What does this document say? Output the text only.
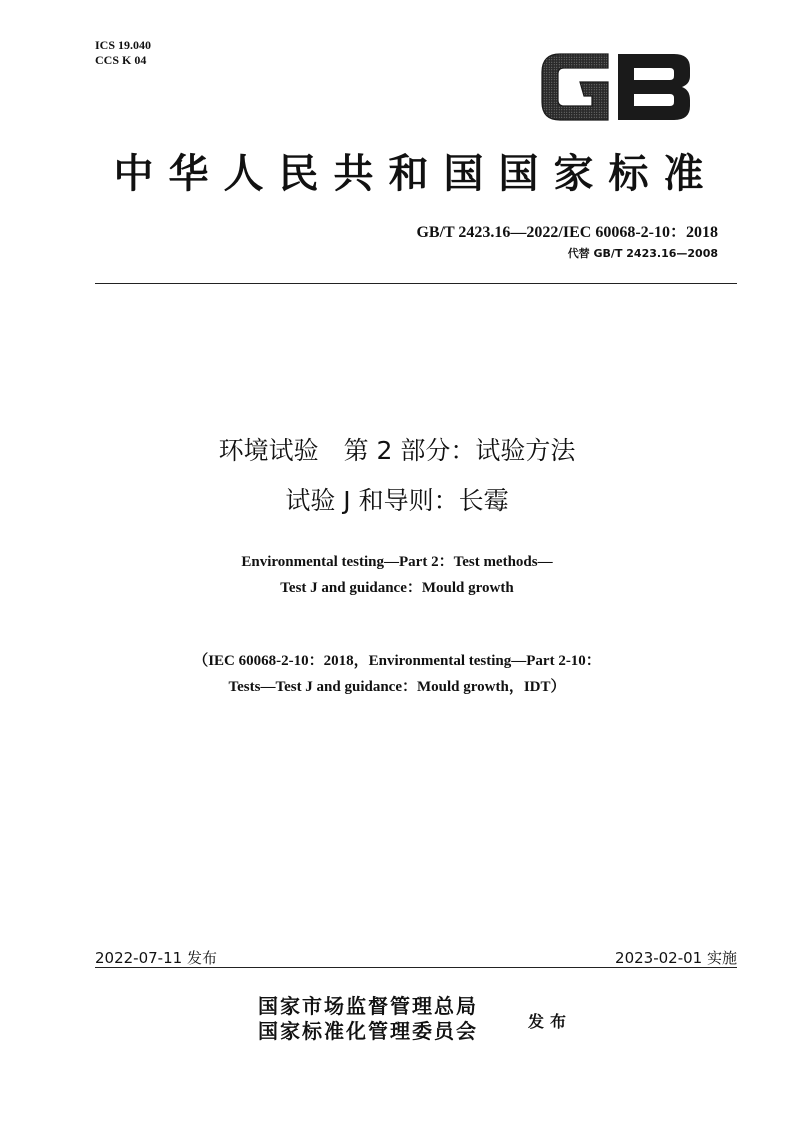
ICS 19.040
CCS K 04
中华人民共和国国家标准
GB/T 2423.16—2022/IEC 60068-2-10：2018
代替 GB/T 2423.16—2008
环境试验　第 2 部分：试验方法
试验 J 和导则：长霉
Environmental testing—Part 2：Test methods—
Test J and guidance：Mould growth
（IEC 60068-2-10：2018，Environmental testing—Part 2-10：
Tests—Test J and guidance：Mould growth，IDT）
2022-07-11 发布	2023-02-01 实施
国家市场监督管理总局
国家标准化管理委员会	发布
